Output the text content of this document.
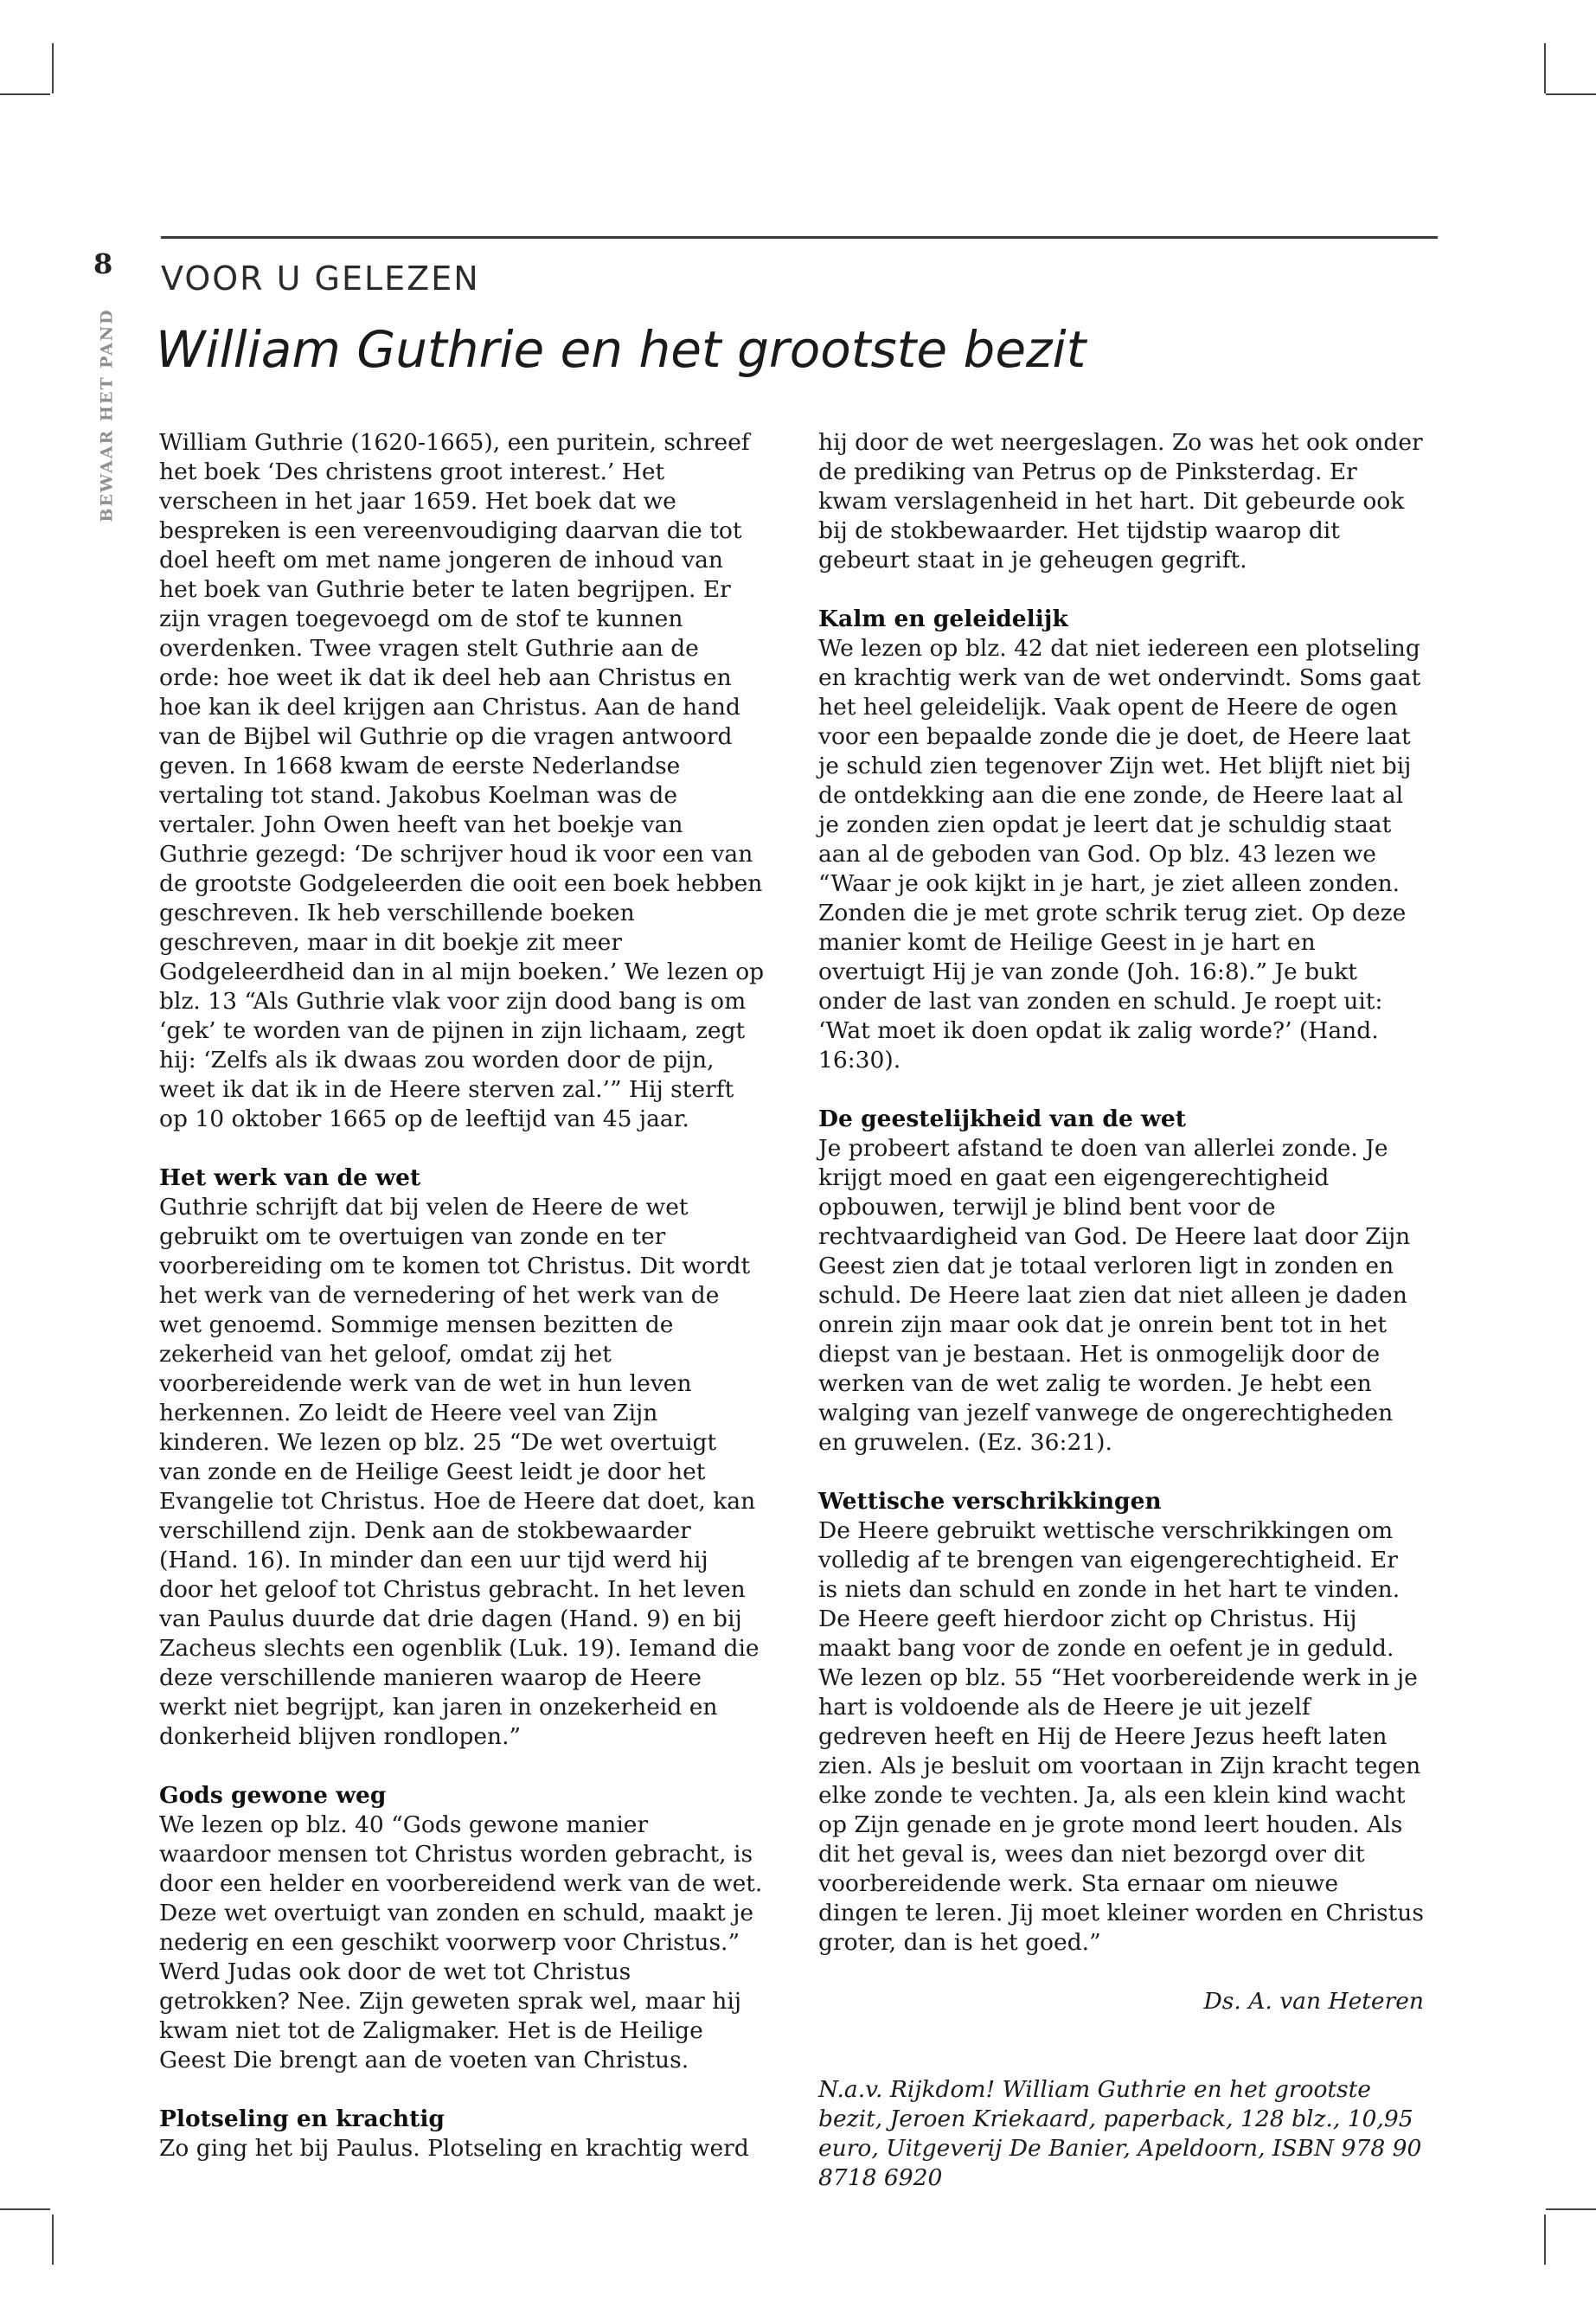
8
BEWAAR HET PAND
VOOR U GELEZEN
William Guthrie en het grootste bezit

William Guthrie (1620-1665), een puritein, schreef het boek ‘Des christens groot interest.’ Het verscheen in het jaar 1659. Het boek dat we bespreken is een vereenvoudiging daarvan die tot doel heeft om met name jongeren de inhoud van het boek van Guthrie beter te laten begrijpen. Er zijn vragen toegevoegd om de stof te kunnen overdenken. Twee vragen stelt Guthrie aan de orde: hoe weet ik dat ik deel heb aan Christus en hoe kan ik deel krijgen aan Christus. Aan de hand van de Bijbel wil Guthrie op die vragen antwoord geven. In 1668 kwam de eerste Nederlandse vertaling tot stand. Jakobus Koelman was de vertaler. John Owen heeft van het boekje van Guthrie gezegd: ‘De schrijver houd ik voor een van de grootste Godgeleerden die ooit een boek hebben geschreven. Ik heb verschillende boeken geschreven, maar in dit boekje zit meer Godgeleerdheid dan in al mijn boeken.’ We lezen op blz. 13 “Als Guthrie vlak voor zijn dood bang is om ‘gek’ te worden van de pijnen in zijn lichaam, zegt hij: ‘Zelfs als ik dwaas zou worden door de pijn, weet ik dat ik in de Heere sterven zal.’” Hij sterft op 10 oktober 1665 op de leeftijd van 45 jaar.

Het werk van de wet

Guthrie schrijft dat bij velen de Heere de wet gebruikt om te overtuigen van zonde en ter voorbereiding om te komen tot Christus. Dit wordt het werk van de vernedering of het werk van de wet genoemd. Sommige mensen bezitten de zekerheid van het geloof, omdat zij het voorbereidende werk van de wet in hun leven herkennen. Zo leidt de Heere veel van Zijn kinderen. We lezen op blz. 25 “De wet overtuigt van zonde en de Heilige Geest leidt je door het Evangelie tot Christus. Hoe de Heere dat doet, kan verschillend zijn. Denk aan de stokbewaarder (Hand. 16). In minder dan een uur tijd werd hij door het geloof tot Christus gebracht. In het leven van Paulus duurde dat drie dagen (Hand. 9) en bij Zacheus slechts een ogenblik (Luk. 19). Iemand die deze verschillende manieren waarop de Heere werkt niet begrijpt, kan jaren in onzekerheid en donkerheid blijven rondlopen.”

Gods gewone weg

We lezen op blz. 40 “Gods gewone manier waardoor mensen tot Christus worden gebracht, is door een helder en voorbereidend werk van de wet. Deze wet overtuigt van zonden en schuld, maakt je nederig en een geschikt voorwerp voor Christus.” Werd Judas ook door de wet tot Christus getrokken? Nee. Zijn geweten sprak wel, maar hij kwam niet tot de Zaligmaker. Het is de Heilige Geest Die brengt aan de voeten van Christus.

Plotseling en krachtig

Zo ging het bij Paulus. Plotseling en krachtig werd

hij door de wet neergeslagen. Zo was het ook onder de prediking van Petrus op de Pinksterdag. Er kwam verslagenheid in het hart. Dit gebeurde ook bij de stokbewaarder. Het tijdstip waarop dit gebeurt staat in je geheugen gegrift.

Kalm en geleidelijk

We lezen op blz. 42 dat niet iedereen een plotseling en krachtig werk van de wet ondervindt. Soms gaat het heel geleidelijk. Vaak opent de Heere de ogen voor een bepaalde zonde die je doet, de Heere laat je schuld zien tegenover Zijn wet. Het blijft niet bij de ontdekking aan die ene zonde, de Heere laat al je zonden zien opdat je leert dat je schuldig staat aan al de geboden van God. Op blz. 43 lezen we “Waar je ook kijkt in je hart, je ziet alleen zonden. Zonden die je met grote schrik terug ziet. Op deze manier komt de Heilige Geest in je hart en overtuigt Hij je van zonde (Joh. 16:8).” Je bukt onder de last van zonden en schuld. Je roept uit: ‘Wat moet ik doen opdat ik zalig worde?’ (Hand. 16:30).

De geestelijkheid van de wet

Je probeert afstand te doen van allerlei zonde. Je krijgt moed en gaat een eigengerechtigheid opbouwen, terwijl je blind bent voor de rechtvaardigheid van God. De Heere laat door Zijn Geest zien dat je totaal verloren ligt in zonden en schuld. De Heere laat zien dat niet alleen je daden onrein zijn maar ook dat je onrein bent tot in het diepst van je bestaan. Het is onmogelijk door de werken van de wet zalig te worden. Je hebt een walging van jezelf vanwege de ongerechtigheden en gruwelen. (Ez. 36:21).

Wettische verschrikkingen

De Heere gebruikt wettische verschrikkingen om volledig af te brengen van eigengerechtigheid. Er is niets dan schuld en zonde in het hart te vinden. De Heere geeft hierdoor zicht op Christus. Hij maakt bang voor de zonde en oefent je in geduld. We lezen op blz. 55 “Het voorbereidende werk in je hart is voldoende als de Heere je uit jezelf gedreven heeft en Hij de Heere Jezus heeft laten zien. Als je besluit om voortaan in Zijn kracht tegen elke zonde te vechten. Ja, als een klein kind wacht op Zijn genade en je grote mond leert houden. Als dit het geval is, wees dan niet bezorgd over dit voorbereidende werk. Sta ernaar om nieuwe dingen te leren. Jij moet kleiner worden en Christus groter, dan is het goed.”

Ds. A. van Heteren

N.a.v. Rijkdom! William Guthrie en het grootste bezit, Jeroen Kriekaard, paperback, 128 blz., 10,95 euro, Uitgeverij De Banier, Apeldoorn, ISBN 978 90 8718 6920
